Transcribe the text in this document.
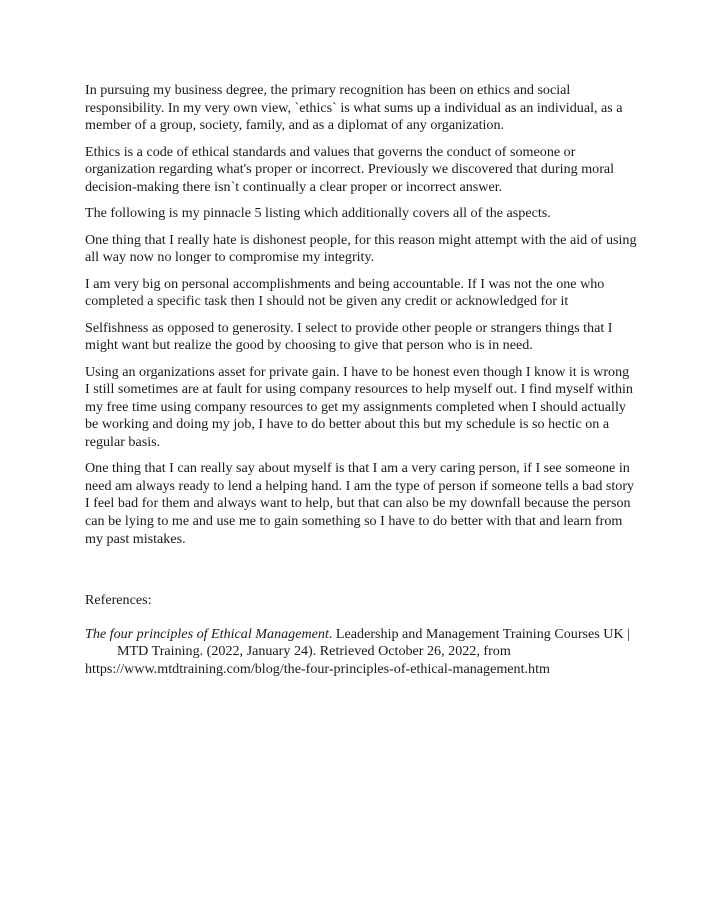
In pursuing my business degree, the primary recognition has been on ethics and social responsibility. In my very own view, `ethics` is what sums up a individual as an individual, as a member of a group, society, family, and as a diplomat of any organization.

Ethics is a code of ethical standards and values that governs the conduct of someone or organization regarding what's proper or incorrect. Previously we discovered that during moral decision-making there isn`t continually a clear proper or incorrect answer.

The following is my pinnacle 5 listing which additionally covers all of the aspects.

One thing that I really hate is dishonest people, for this reason might attempt with the aid of using all way now no longer to compromise my integrity.

I am very big on personal accomplishments and being accountable. If I was not the one who completed a specific task then I should not be given any credit or acknowledged for it

Selfishness as opposed to generosity. I select to provide other people or strangers things that I might want but realize the good by choosing to give that person who is in need.

Using an organizations asset for private gain. I have to be honest even though I know it is wrong I still sometimes are at fault for using company resources to help myself out. I find myself within my free time using company resources to get my assignments completed when I should actually be working and doing my job, I have to do better about this but my schedule is so hectic on a regular basis.

One thing that I can really say about myself is that I am a very caring person, if I see someone in need am always ready to lend a helping hand. I am the type of person if someone tells a bad story I feel bad for them and always want to help, but that can also be my downfall because the person can be lying to me and use me to gain something so I have to do better with that and learn from my past mistakes.

References:

The four principles of Ethical Management. Leadership and Management Training Courses UK | MTD Training. (2022, January 24). Retrieved October 26, 2022, from
https://www.mtdtraining.com/blog/the-four-principles-of-ethical-management.htm
